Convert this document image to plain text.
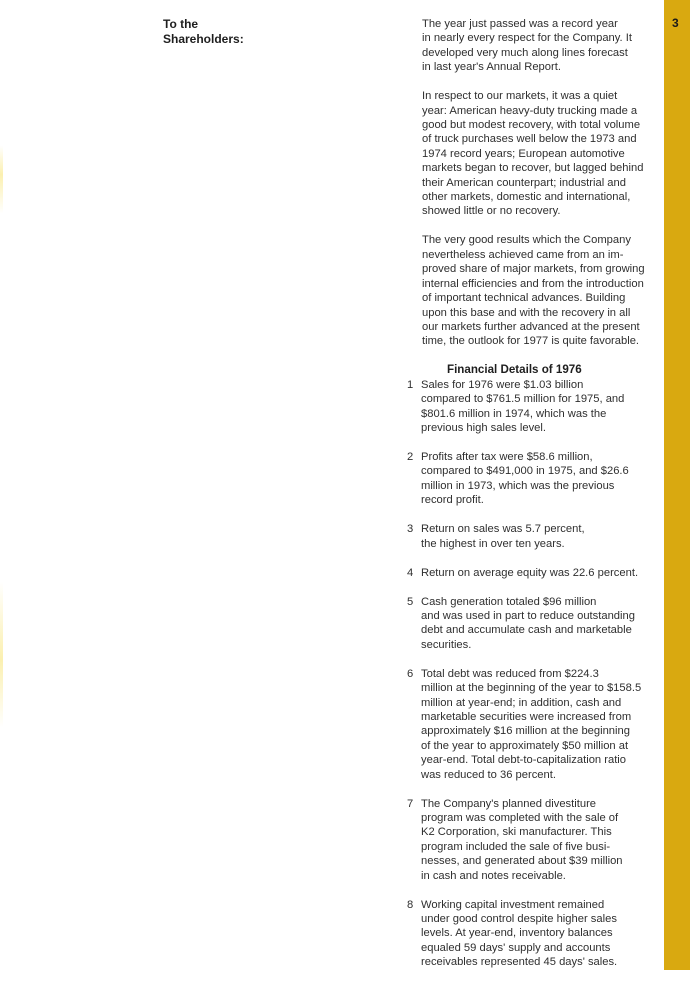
3
To the
Shareholders:
The year just passed was a record year
in nearly every respect for the Company. It
developed very much along lines forecast
in last year's Annual Report.
In respect to our markets, it was a quiet
year: American heavy-duty trucking made a
good but modest recovery, with total volume
of truck purchases well below the 1973 and
1974 record years; European automotive
markets began to recover, but lagged behind
their American counterpart; industrial and
other markets, domestic and international,
showed little or no recovery.
The very good results which the Company
nevertheless achieved came from an im-
proved share of major markets, from growing
internal efficiencies and from the introduction
of important technical advances. Building
upon this base and with the recovery in all
our markets further advanced at the present
time, the outlook for 1977 is quite favorable.
Financial Details of 1976
1 Sales for 1976 were $1.03 billion
compared to $761.5 million for 1975, and
$801.6 million in 1974, which was the
previous high sales level.
2 Profits after tax were $58.6 million,
compared to $491,000 in 1975, and $26.6
million in 1973, which was the previous
record profit.
3 Return on sales was 5.7 percent,
the highest in over ten years.
4 Return on average equity was 22.6 percent.
5 Cash generation totaled $96 million
and was used in part to reduce outstanding
debt and accumulate cash and marketable
securities.
6 Total debt was reduced from $224.3
million at the beginning of the year to $158.5
million at year-end; in addition, cash and
marketable securities were increased from
approximately $16 million at the beginning
of the year to approximately $50 million at
year-end. Total debt-to-capitalization ratio
was reduced to 36 percent.
7 The Company's planned divestiture
program was completed with the sale of
K2 Corporation, ski manufacturer. This
program included the sale of five busi-
nesses, and generated about $39 million
in cash and notes receivable.
8 Working capital investment remained
under good control despite higher sales
levels. At year-end, inventory balances
equaled 59 days' supply and accounts
receivables represented 45 days' sales.
